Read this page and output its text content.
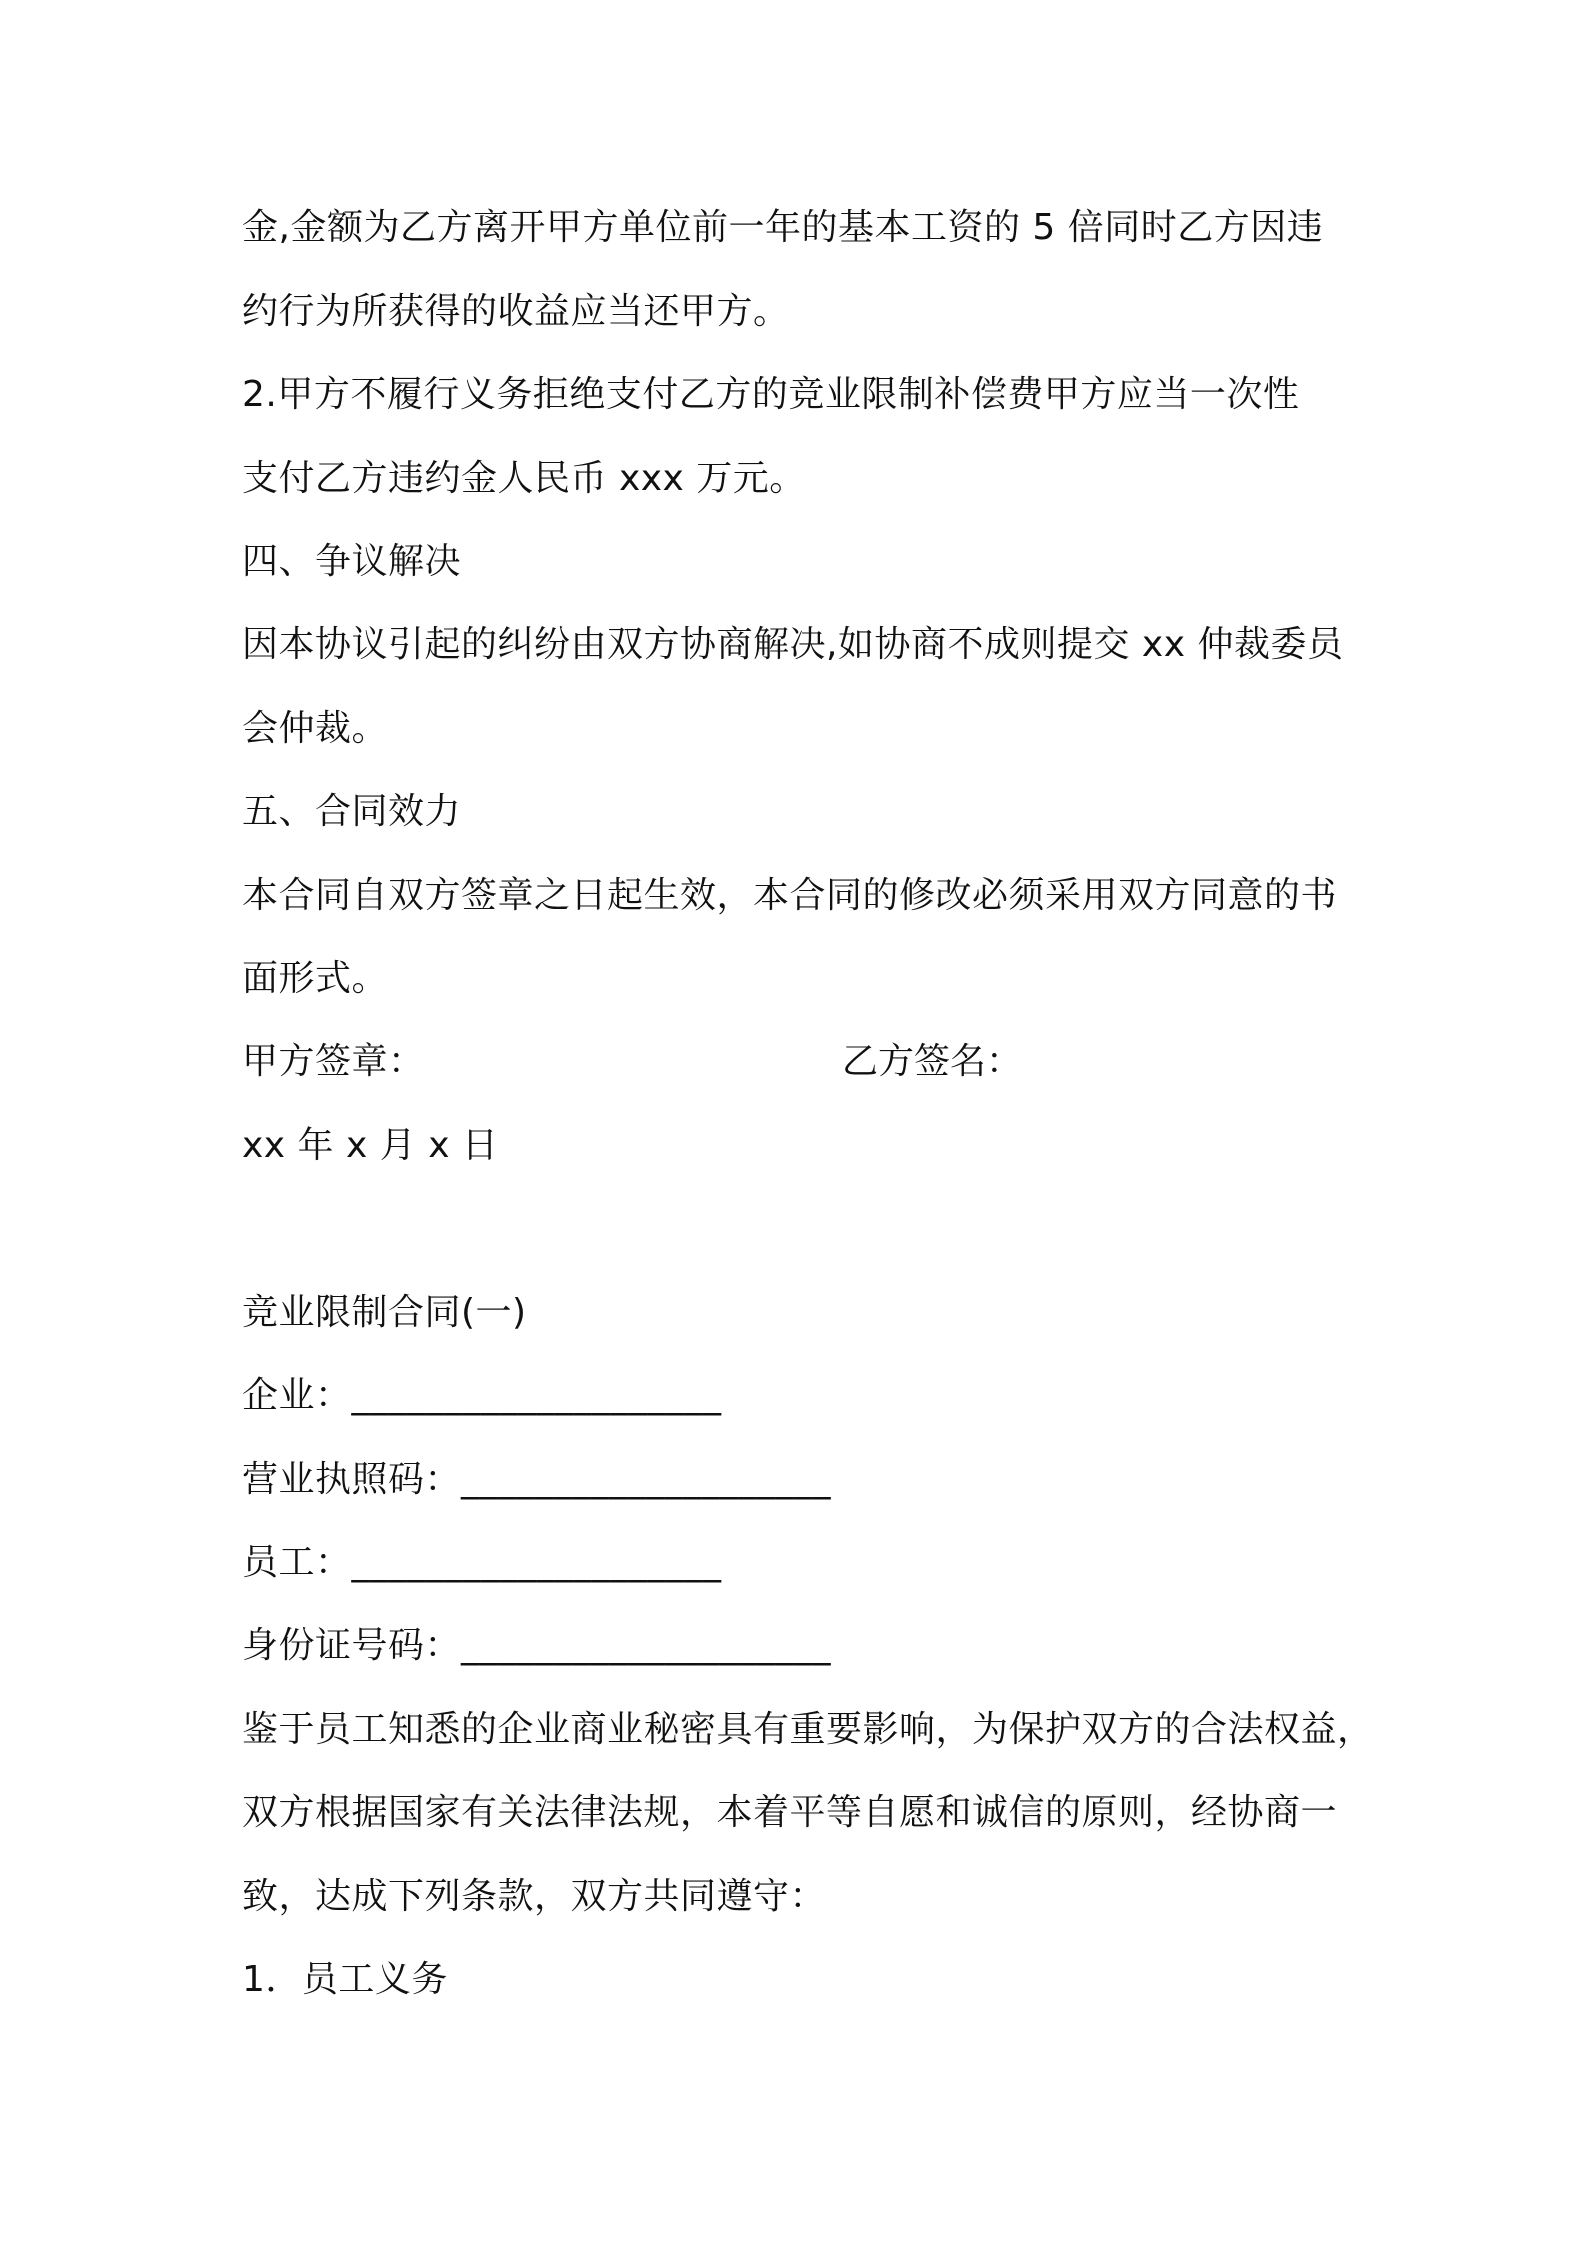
金,金额为乙方离开甲方单位前一年的基本工资的 5 倍同时乙方因违

约行为所获得的收益应当还甲方。

2.甲方不履行义务拒绝支付乙方的竞业限制补偿费甲方应当一次性

支付乙方违约金人民币 xxx 万元。

四、争议解决

因本协议引起的纠纷由双方协商解决,如协商不成则提交 xx 仲裁委员

会仲裁。

五、合同效力

本合同自双方签章之日起生效，本合同的修改必须采用双方同意的书

面形式。

甲方签章：	乙方签名：

xx 年 x 月 x 日

竞业限制合同(一)

企业：____________________

营业执照码：____________________

员工：____________________

身份证号码：____________________

鉴于员工知悉的企业商业秘密具有重要影响，为保护双方的合法权益，

双方根据国家有关法律法规，本着平等自愿和诚信的原则，经协商一

致，达成下列条款，双方共同遵守：

1．员工义务
